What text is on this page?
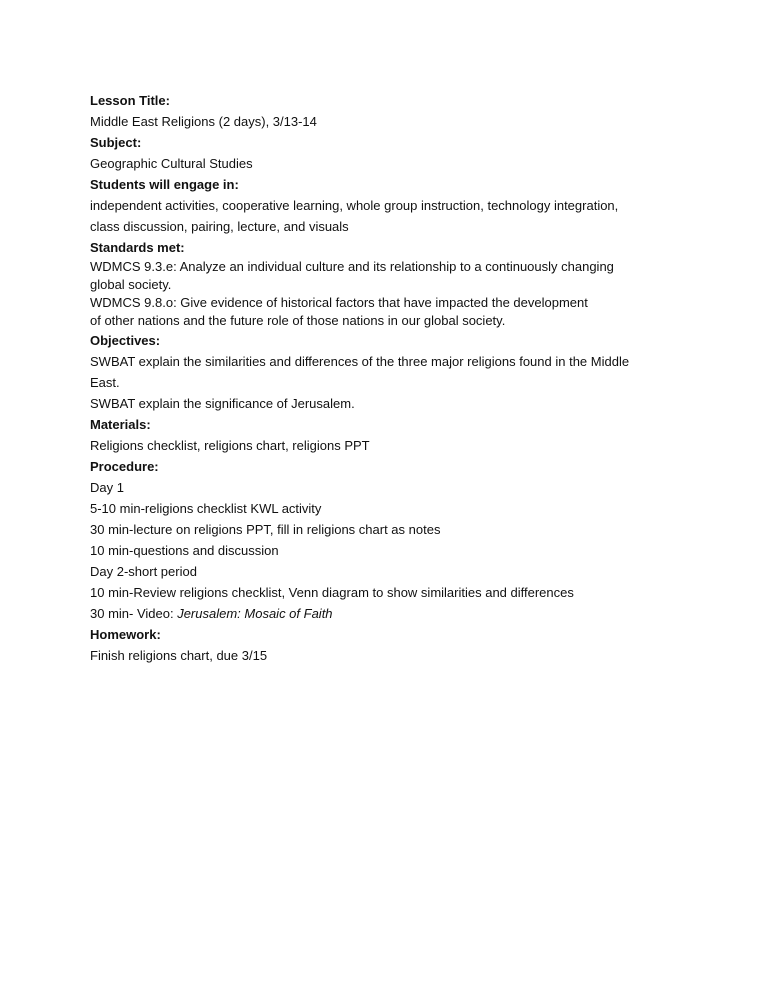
Lesson Title:

Middle East Religions (2 days), 3/13-14

Subject:

Geographic Cultural Studies

Students will engage in:

independent activities, cooperative learning, whole group instruction, technology integration,

class discussion, pairing, lecture, and visuals

Standards met:

WDMCS 9.3.e: Analyze an individual culture and its relationship to a continuously changing

global society.

WDMCS 9.8.o: Give evidence of historical factors that have impacted the development

of other nations and the future role of those nations in our global society.

Objectives:

SWBAT explain the similarities and differences of the three major religions found in the Middle

East.

SWBAT explain the significance of Jerusalem.

Materials:

Religions checklist, religions chart, religions PPT

Procedure:

Day 1

5-10 min-religions checklist KWL activity

30 min-lecture on religions PPT, fill in religions chart as notes

10 min-questions and discussion

Day 2-short period

10 min-Review religions checklist, Venn diagram to show similarities and differences

30 min- Video: Jerusalem: Mosaic of Faith

Homework:

Finish religions chart, due 3/15
